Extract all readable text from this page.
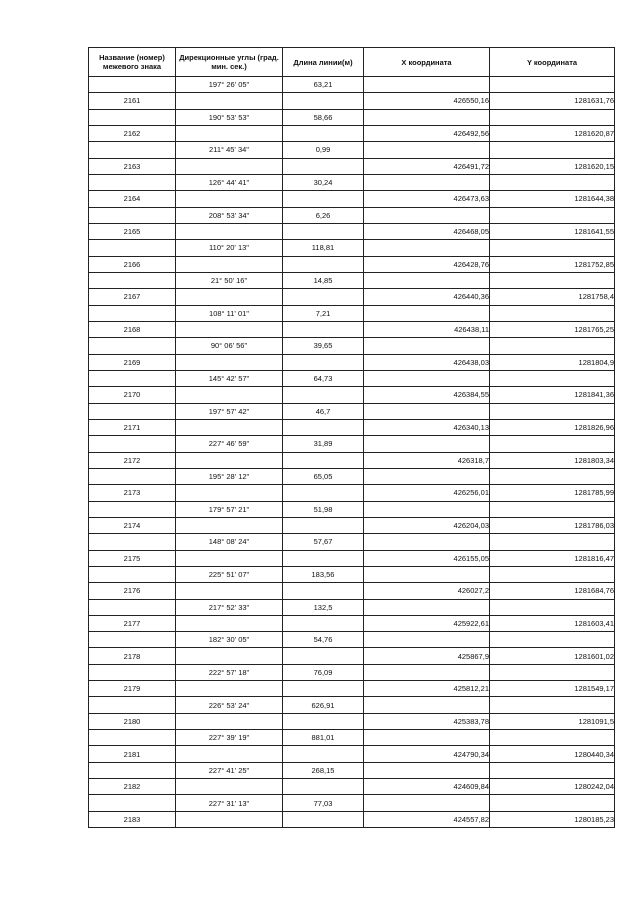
Название (номер) межевого знака	Дирекционные углы (град. мин. сек.)	Длина линии(м)	X координата	Y координата
	197° 26' 05"	63,21		
2161			426550,16	1281631,76
	190° 53' 53"	58,66		
2162			426492,56	1281620,87
	211° 45' 34"	0,99		
2163			426491,72	1281620,15
	126° 44' 41"	30,24		
2164			426473,63	1281644,38
	208° 53' 34"	6,26		
2165			426468,05	1281641,55
	110° 20' 13"	118,81		
2166			426428,76	1281752,85
	21° 50' 16"	14,85		
2167			426440,36	1281758,4
	108° 11' 01"	7,21		
2168			426438,11	1281765,25
	90° 06' 56"	39,65		
2169			426438,03	1281804,9
	145° 42' 57"	64,73		
2170			426384,55	1281841,36
	197° 57' 42"	46,7		
2171			426340,13	1281826,96
	227° 46' 59"	31,89		
2172			426318,7	1281803,34
	195° 28' 12"	65,05		
2173			426256,01	1281785,99
	179° 57' 21"	51,98		
2174			426204,03	1281786,03
	148° 08' 24"	57,67		
2175			426155,05	1281816,47
	225° 51' 07"	183,56		
2176			426027,2	1281684,76
	217° 52' 33"	132,5		
2177			425922,61	1281603,41
	182° 30' 05"	54,76		
2178			425867,9	1281601,02
	222° 57' 18"	76,09		
2179			425812,21	1281549,17
	226° 53' 24"	626,91		
2180			425383,78	1281091,5
	227° 39' 19"	881,01		
2181			424790,34	1280440,34
	227° 41' 25"	268,15		
2182			424609,84	1280242,04
	227° 31' 13"	77,03		
2183			424557,82	1280185,23
